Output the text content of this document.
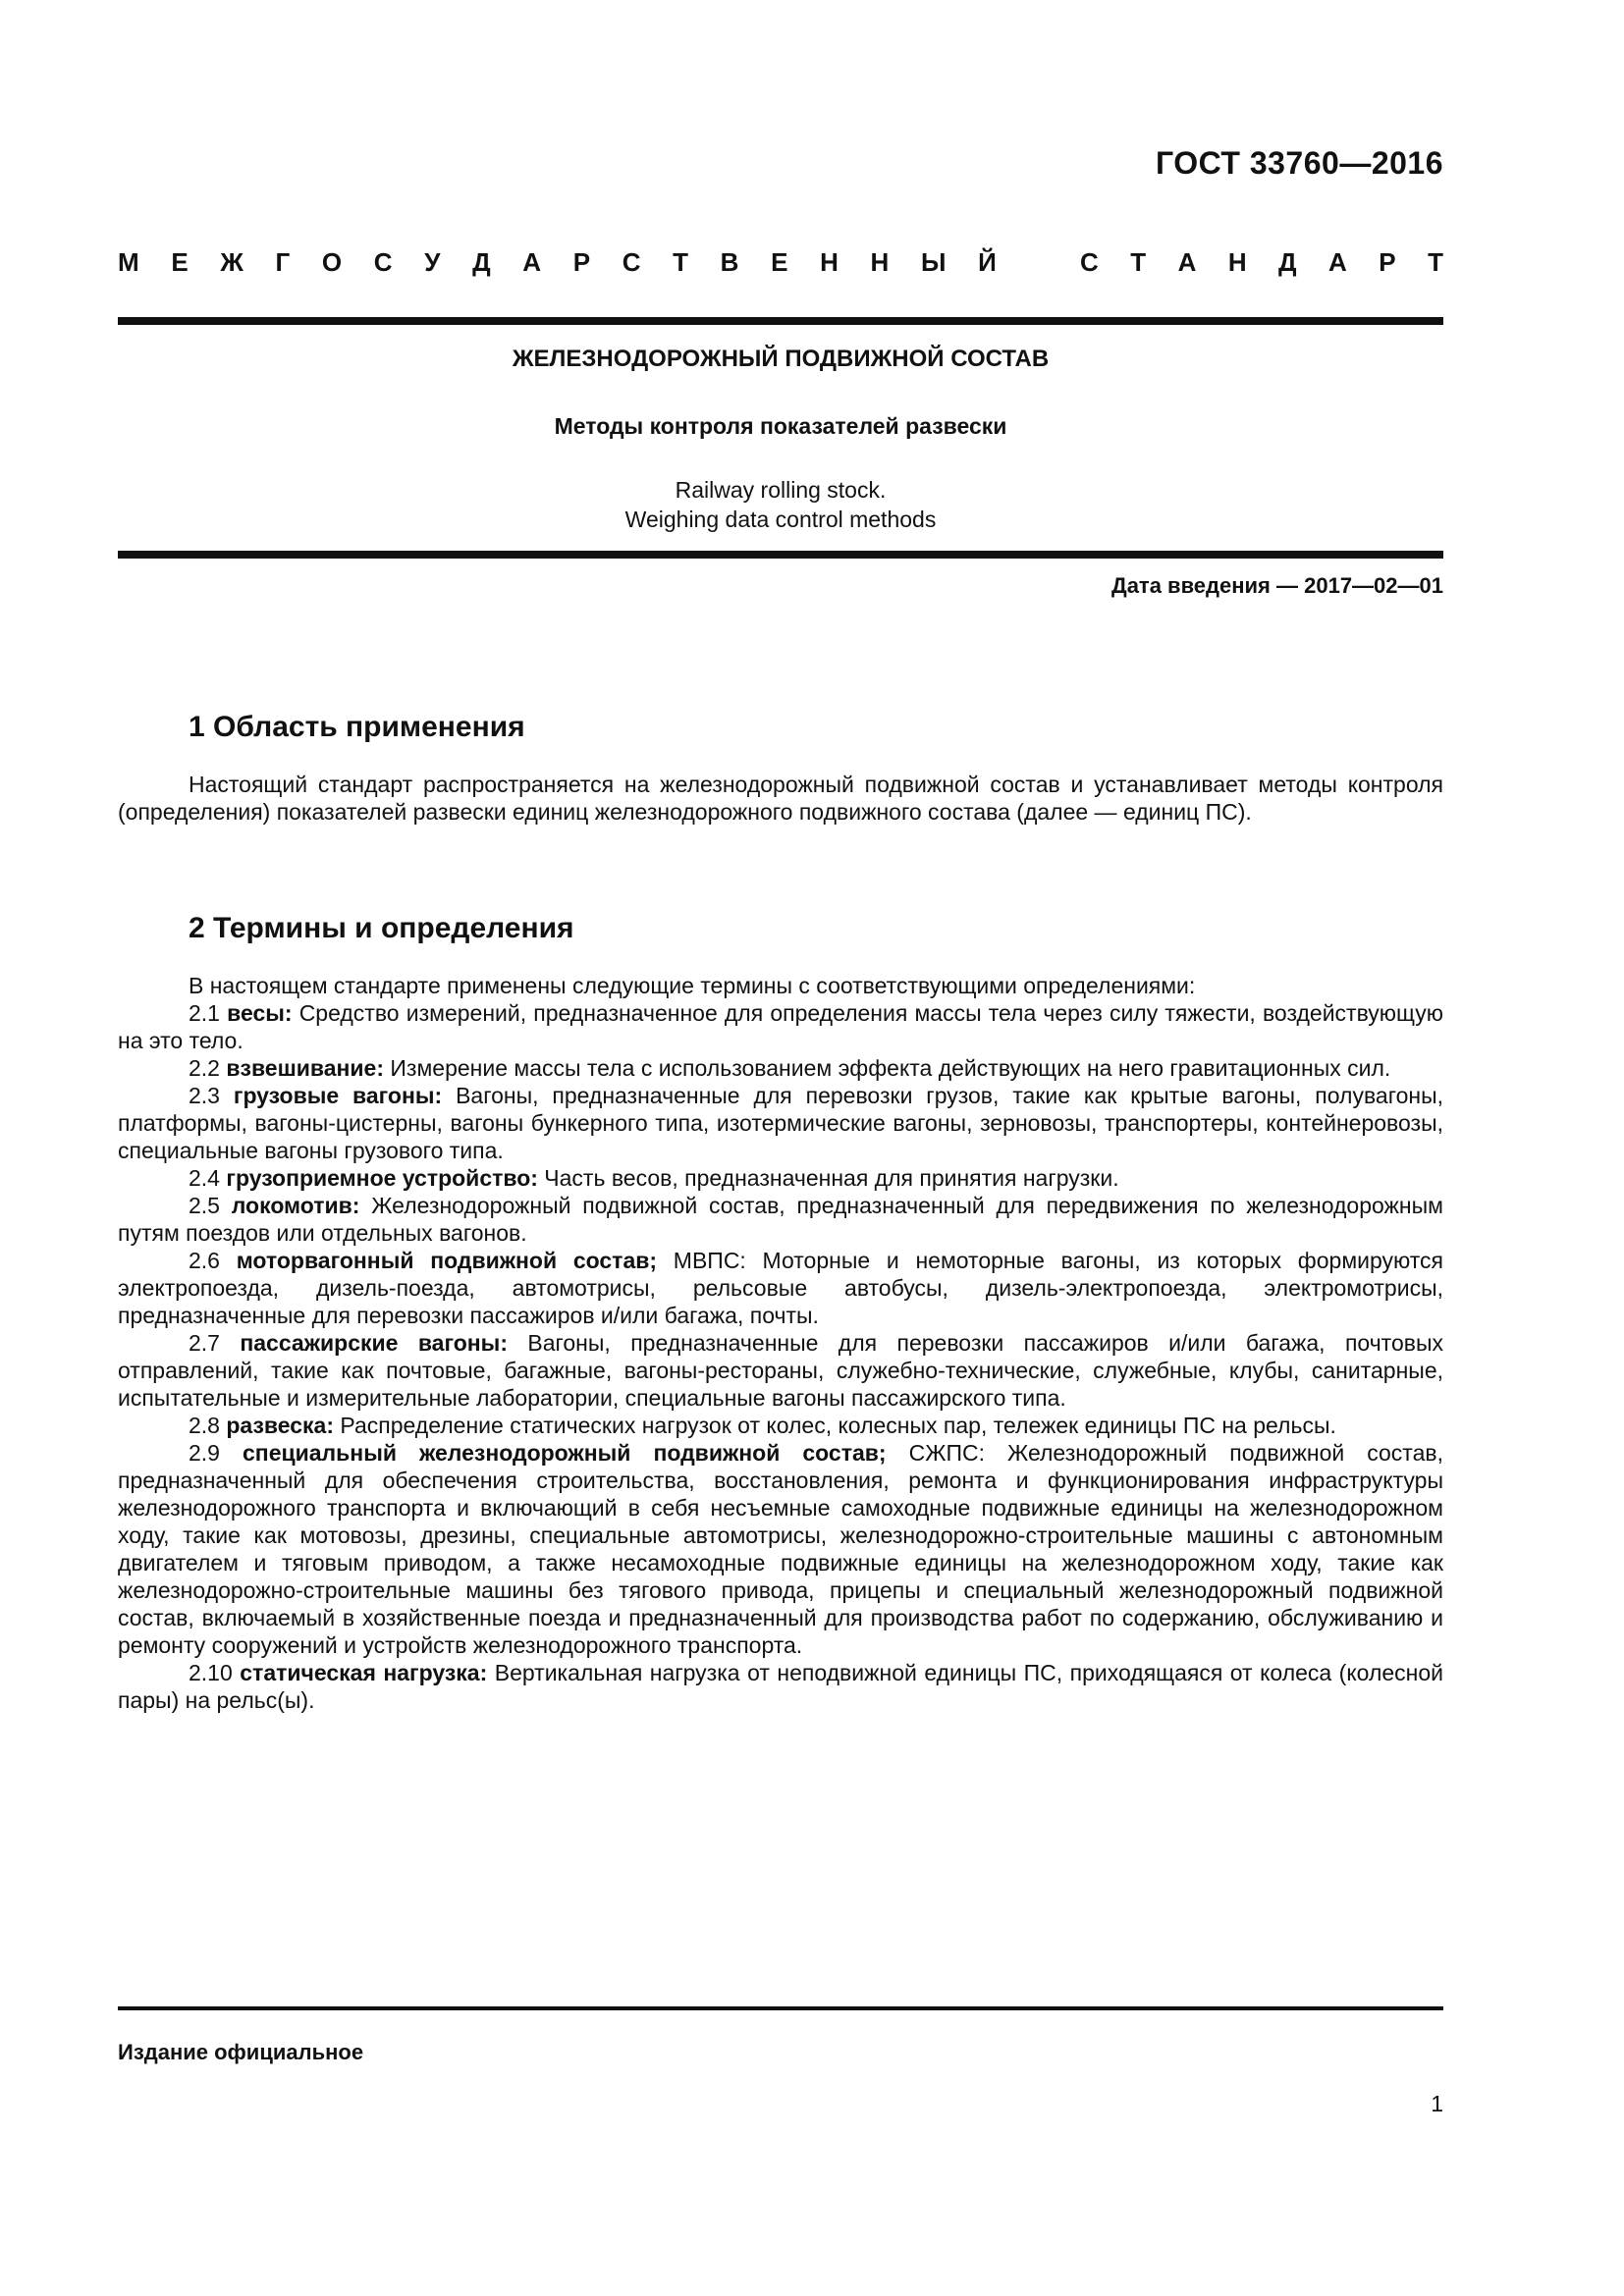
ГОСТ 33760—2016
М Е Ж Г О С У Д А Р С Т В Е Н Н Ы Й	С Т А Н Д А Р Т
ЖЕЛЕЗНОДОРОЖНЫЙ ПОДВИЖНОЙ СОСТАВ
Методы контроля показателей развески
Railway rolling stock.
Weighing data control methods
Дата введения — 2017—02—01
1 Область применения

Настоящий стандарт распространяется на железнодорожный подвижной состав и устанавливает методы контроля (определения) показателей развески единиц железнодорожного подвижного состава (далее — единиц ПС).

2 Термины и определения

В настоящем стандарте применены следующие термины с соответствующими определениями:

2.1 весы: Средство измерений, предназначенное для определения массы тела через силу тяжести, воздействующую на это тело.

2.2 взвешивание: Измерение массы тела с использованием эффекта действующих на него гравитационных сил.

2.3 грузовые вагоны: Вагоны, предназначенные для перевозки грузов, такие как крытые вагоны, полувагоны, платформы, вагоны-цистерны, вагоны бункерного типа, изотермические вагоны, зерновозы, транспортеры, контейнеровозы, специальные вагоны грузового типа.

2.4 грузоприемное устройство: Часть весов, предназначенная для принятия нагрузки.

2.5 локомотив: Железнодорожный подвижной состав, предназначенный для передвижения по железнодорожным путям поездов или отдельных вагонов.

2.6 моторвагонный подвижной состав; МВПС: Моторные и немоторные вагоны, из которых формируются электропоезда, дизель-поезда, автомотрисы, рельсовые автобусы, дизель-электропоезда, электромотрисы, предназначенные для перевозки пассажиров и/или багажа, почты.

2.7 пассажирские вагоны: Вагоны, предназначенные для перевозки пассажиров и/или багажа, почтовых отправлений, такие как почтовые, багажные, вагоны-рестораны, служебно-технические, служебные, клубы, санитарные, испытательные и измерительные лаборатории, специальные вагоны пассажирского типа.

2.8 развеска: Распределение статических нагрузок от колес, колесных пар, тележек единицы ПС на рельсы.

2.9 специальный железнодорожный подвижной состав; СЖПС: Железнодорожный подвижной состав, предназначенный для обеспечения строительства, восстановления, ремонта и функционирования инфраструктуры железнодорожного транспорта и включающий в себя несъемные самоходные подвижные единицы на железнодорожном ходу, такие как мотовозы, дрезины, специальные автомотрисы, железнодорожно-строительные машины с автономным двигателем и тяговым приводом, а также несамоходные подвижные единицы на железнодорожном ходу, такие как железнодорожно-строительные машины без тягового привода, прицепы и специальный железнодорожный подвижной состав, включаемый в хозяйственные поезда и предназначенный для производства работ по содержанию, обслуживанию и ремонту сооружений и устройств железнодорожного транспорта.

2.10 статическая нагрузка: Вертикальная нагрузка от неподвижной единицы ПС, приходящаяся от колеса (колесной пары) на рельс(ы).

Издание официальное
1
